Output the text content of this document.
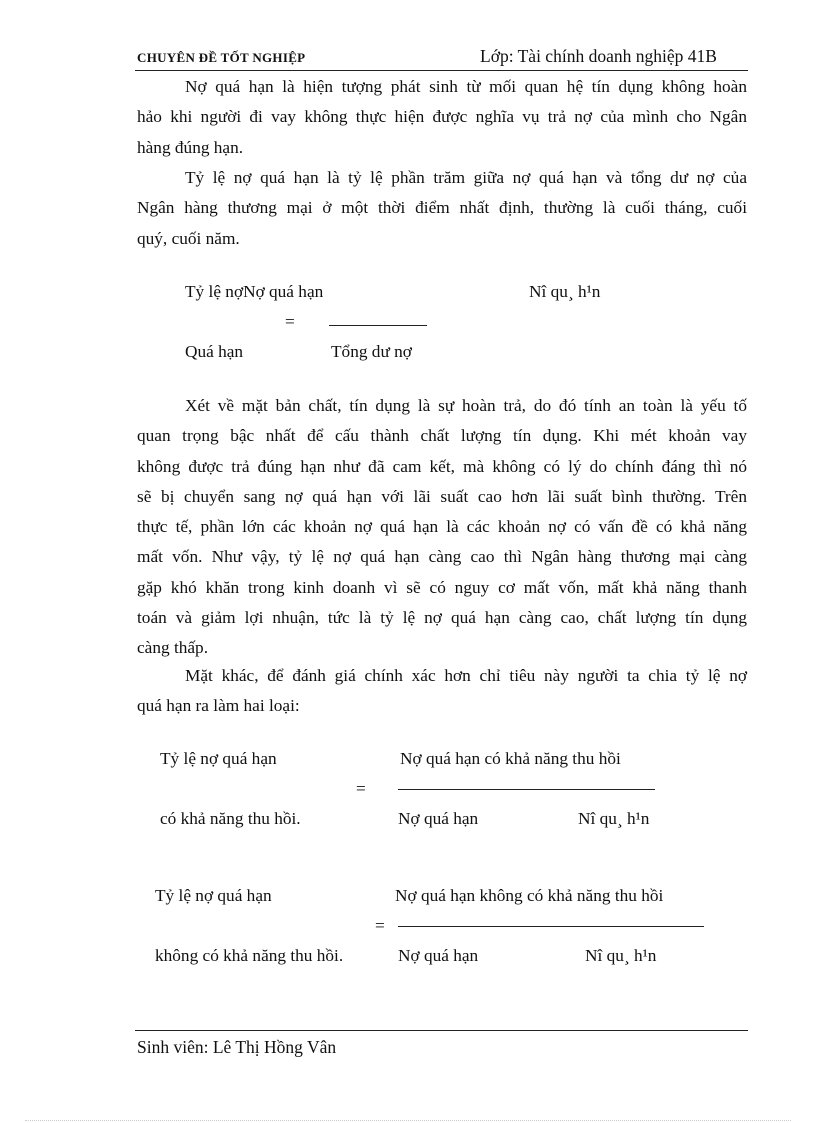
CHUYÊN ĐỀ TỐT NGHIỆP	Lớp: Tài chính doanh nghiệp 41B
Nợ quá hạn là hiện tượng phát sinh từ mối quan hệ tín dụng không hoàn
hảo khi người đi vay không thực hiện được nghĩa vụ trả nợ của mình cho Ngân
hàng đúng hạn.
Tỷ lệ nợ quá hạn là tỷ lệ phần trăm giữa nợ quá hạn và tổng dư nợ của
Ngân hàng thương mại ở một thời điểm nhất định, thường là cuối tháng, cuối
quý, cuối năm.
Tỷ lệ nợNợ quá hạn	Nî qu¸ h¹n
=
Quá hạn	Tổng dư nợ
Xét về mặt bản chất, tín dụng là sự hoàn trả, do đó tính an toàn là yếu tố
quan trọng bậc nhất để cấu thành chất lượng tín dụng. Khi mét khoản vay
không được trả đúng hạn như đã cam kết, mà không có lý do chính đáng thì nó
sẽ bị chuyển sang nợ quá hạn với lãi suất cao hơn lãi suất bình thường. Trên
thực tế, phần lớn các khoản nợ quá hạn là các khoản nợ có vấn đề có khả năng
mất vốn. Như vậy, tỷ lệ nợ quá hạn càng cao thì Ngân hàng thương mại càng
gặp khó khăn trong kinh doanh vì sẽ có nguy cơ mất vốn, mất khả năng thanh
toán và giảm lợi nhuận, tức là tỷ lệ nợ quá hạn càng cao, chất lượng tín dụng
càng thấp.
Mặt khác, để đánh giá chính xác hơn chỉ tiêu này người ta chia tỷ lệ nợ
quá hạn ra làm hai loại:
Tỷ lệ nợ quá hạn	Nợ quá hạn có khả năng thu hồi
=
có khả năng thu hồi.	Nợ quá hạn	Nî qu¸ h¹n
Tỷ lệ nợ quá hạn	Nợ quá hạn không có khả năng thu hồi
=
không có khả năng thu hồi.	Nợ quá hạn	Nî qu¸ h¹n
Sinh viên: Lê Thị Hồng Vân
